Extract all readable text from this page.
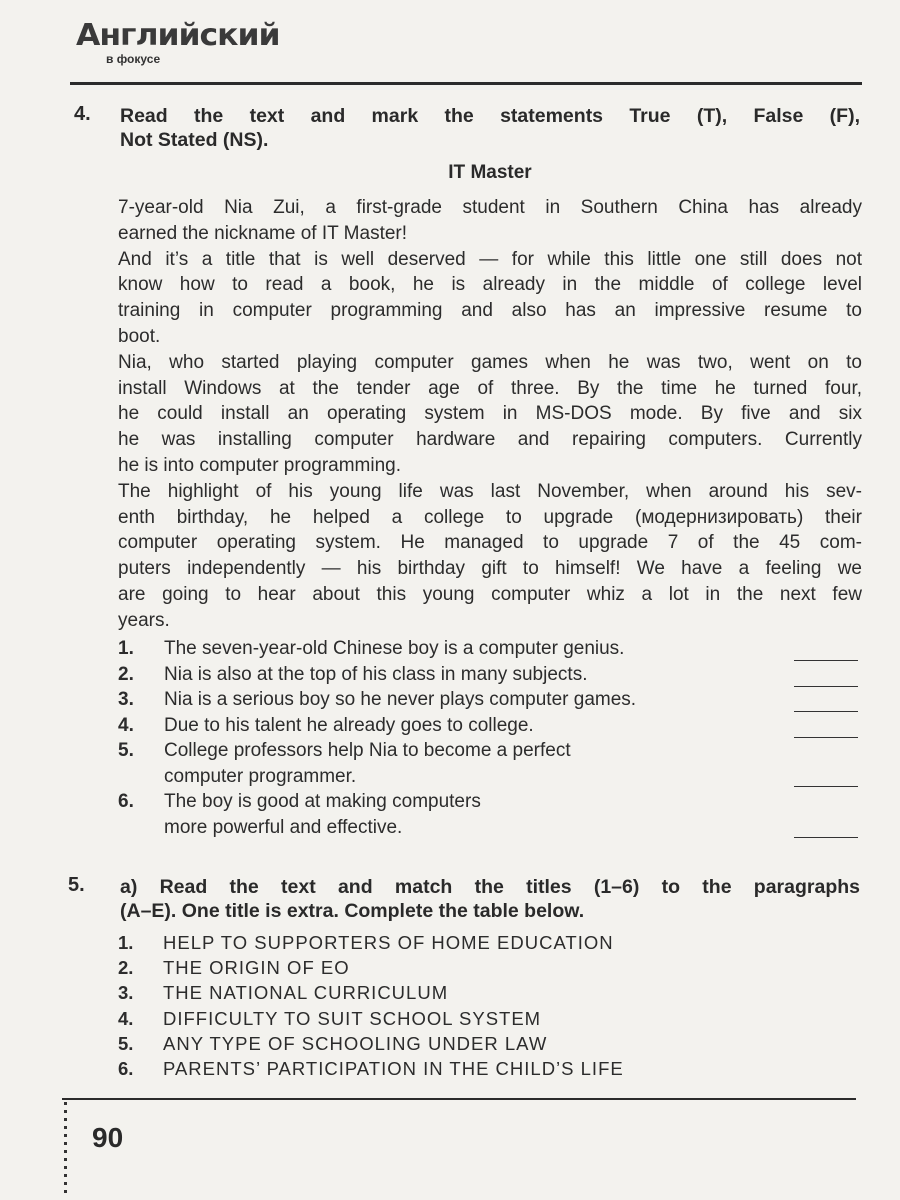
Английский
в фокусе
4. Read the text and mark the statements True (T), False (F),
Not Stated (NS).
IT Master

7-year-old Nia Zui, a first-grade student in Southern China has already
earned the nickname of IT Master!

And it’s a title that is well deserved — for while this little one still does not
know how to read a book, he is already in the middle of college level
training in computer programming and also has an impressive resume to
boot.

Nia, who started playing computer games when he was two, went on to
install Windows at the tender age of three. By the time he turned four,
he could install an operating system in MS-DOS mode. By five and six
he was installing computer hardware and repairing computers. Currently
he is into computer programming.

The highlight of his young life was last November, when around his sev-
enth birthday, he helped a college to upgrade (модернизировать) their
computer operating system. He managed to upgrade 7 of the 45 com-
puters independently — his birthday gift to himself! We have a feeling we
are going to hear about this young computer whiz a lot in the next few
years.

1.	The seven-year-old Chinese boy is a computer genius.
2.	Nia is also at the top of his class in many subjects.
3.	Nia is a serious boy so he never plays computer games.
4.	Due to his talent he already goes to college.
5.	College professors help Nia to become a perfect
computer programmer.
6.	The boy is good at making computers
more powerful and effective.
5. a) Read the text and match the titles (1–6) to the paragraphs
(A–E). One title is extra. Complete the table below.
1. HELP TO SUPPORTERS OF HOME EDUCATION
2. THE ORIGIN OF EO
3. THE NATIONAL CURRICULUM
4. DIFFICULTY TO SUIT SCHOOL SYSTEM
5. ANY TYPE OF SCHOOLING UNDER LAW
6. PARENTS’ PARTICIPATION IN THE CHILD’S LIFE
90
